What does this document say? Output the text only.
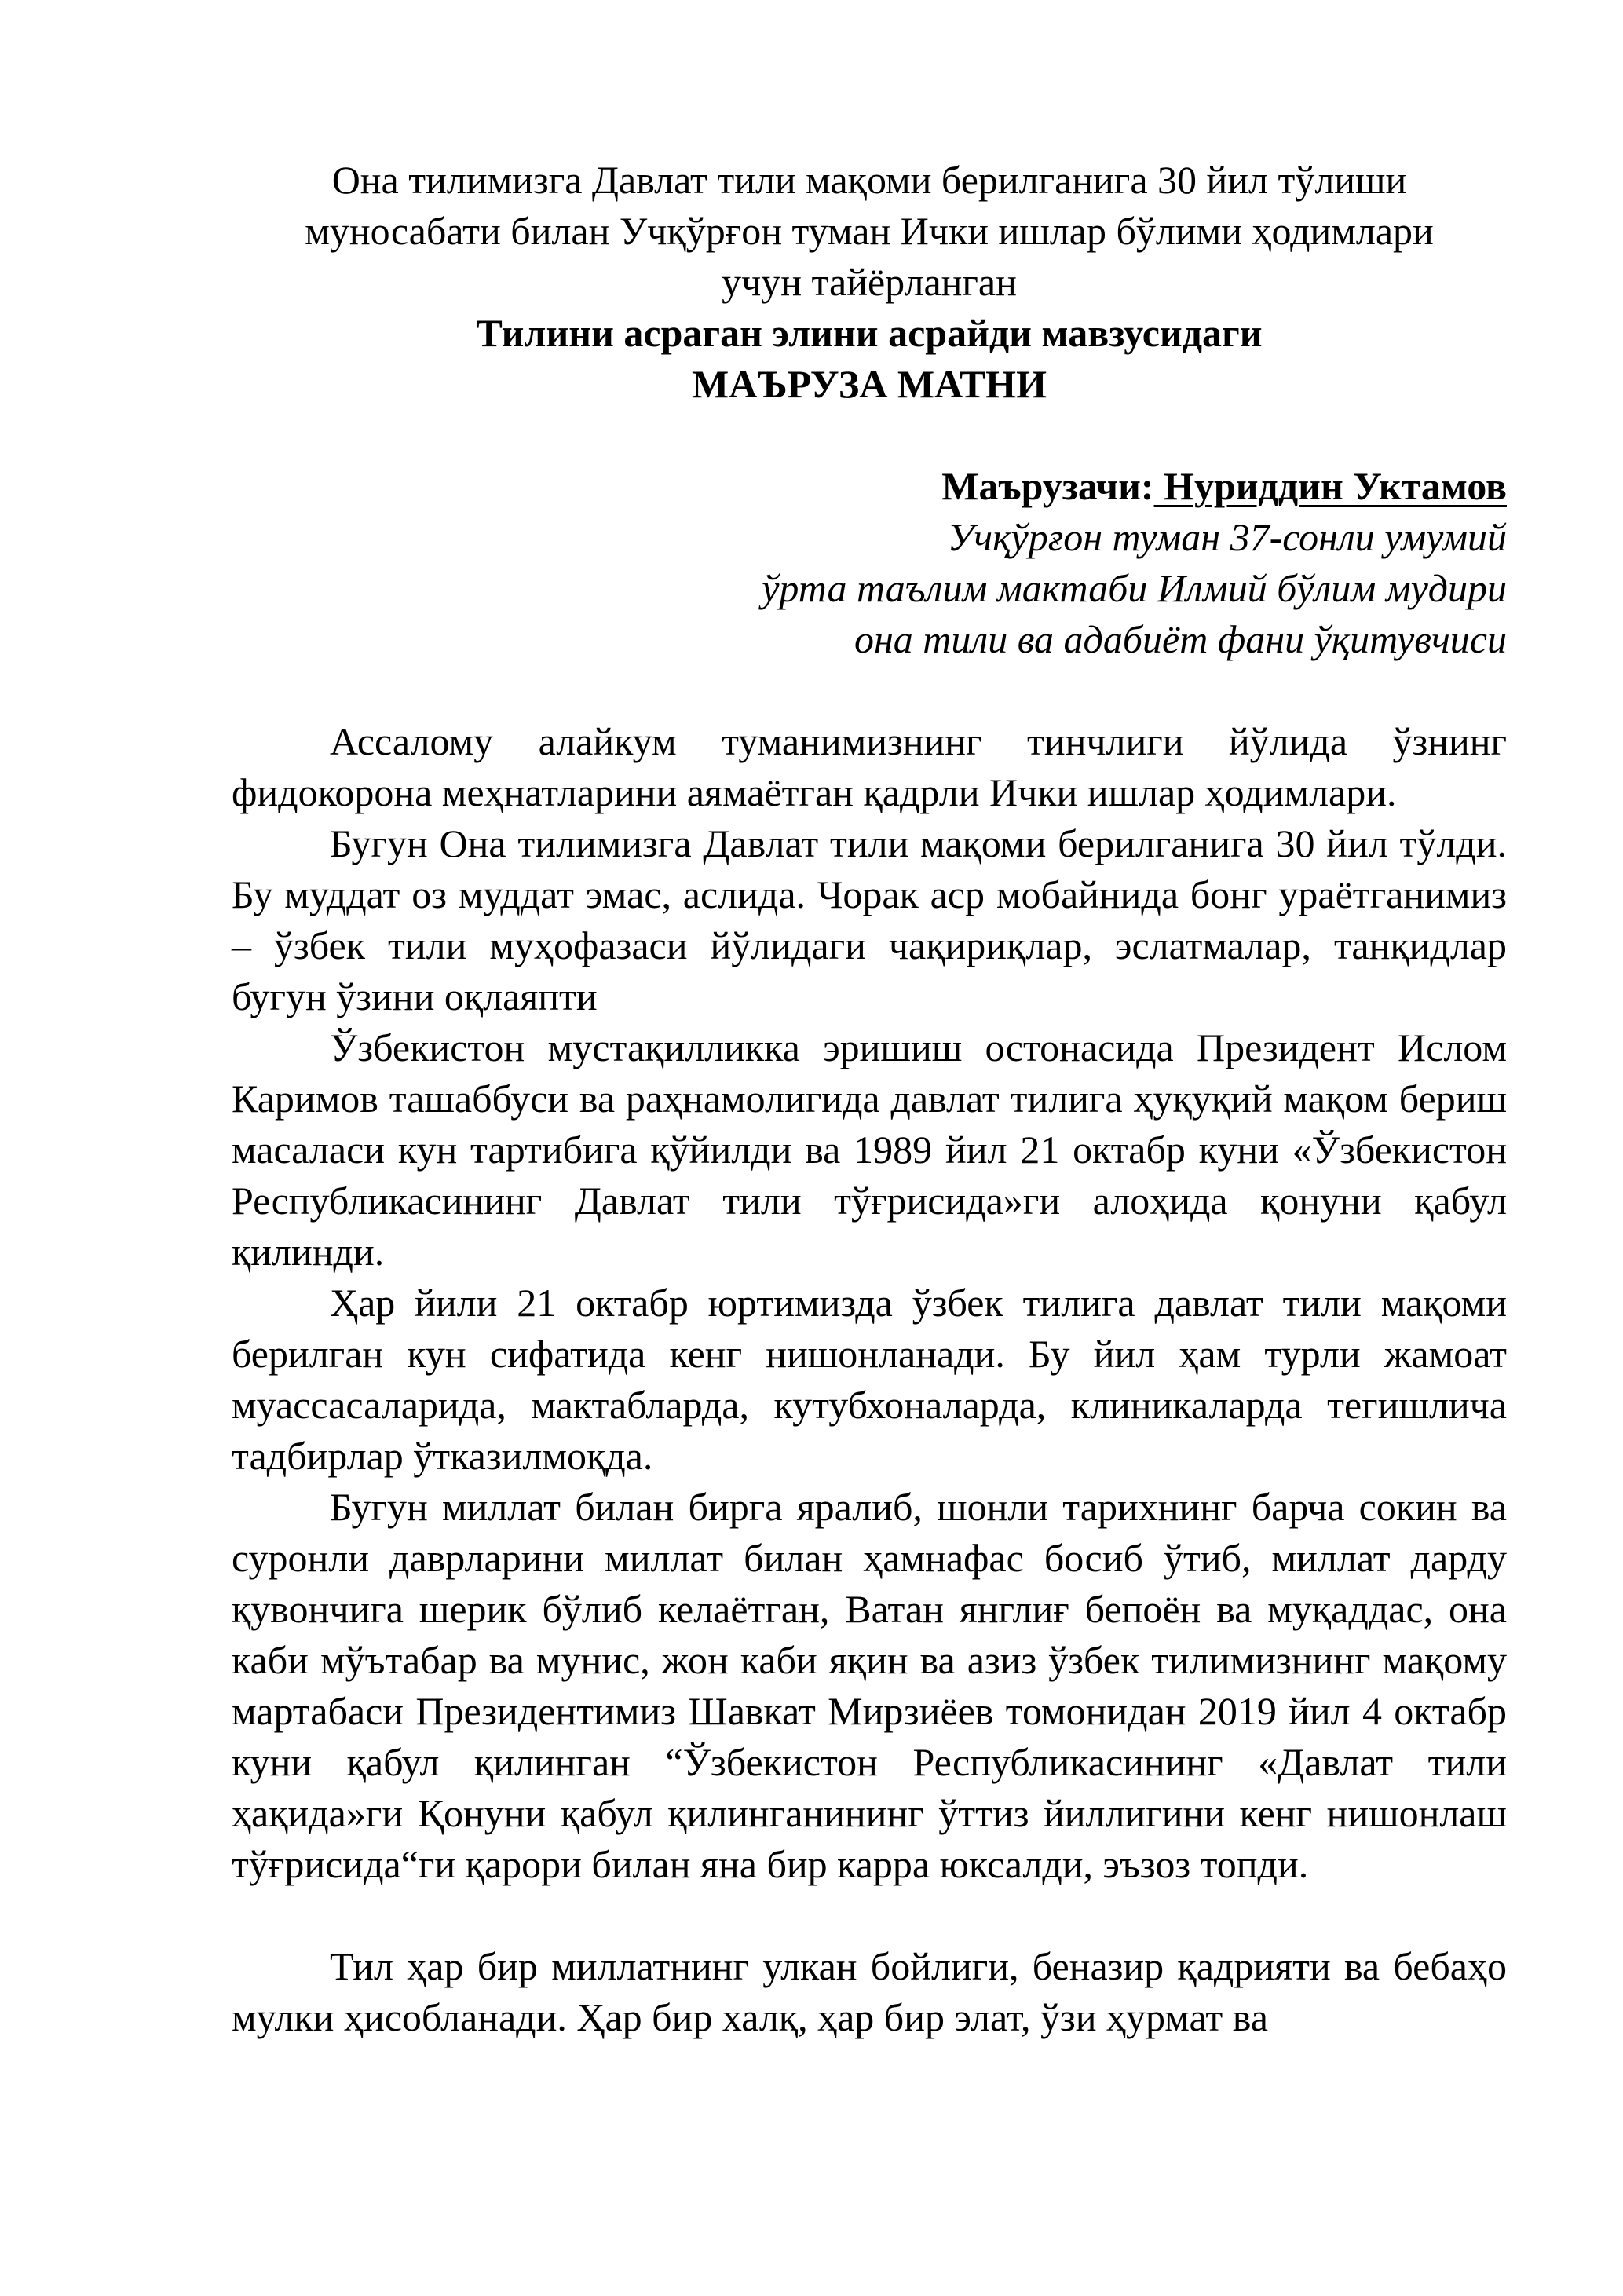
Она тилимизга Давлат тили мақоми берилганига 30 йил тўлиши
муносабати билан Учқўрғон туман Ички ишлар бўлими ҳодимлари
учун тайёрланган
Тилини асраган элини асрайди мавзусидаги
МАЪРУЗА МАТНИ
Маърузачи: Нуриддин Уктамов
Учқўрғон туман 37-сонли умумий
ўрта таълим мактаби Илмий бўлим мудири
она тили ва адабиёт фани ўқитувчиси

Ассалому алайкум туманимизнинг тинчлиги йўлида ўзнинг фидокорона меҳнатларини аямаётган қадрли Ички ишлар ҳодимлари.

Бугун Она тилимизга Давлат тили мақоми берилганига 30 йил тўлди. Бу муддат оз муддат эмас, аслида. Чорак аср мобайнида бонг ураётганимиз – ўзбек тили муҳофазаси йўлидаги чақириқлар, эслатмалар, танқидлар бугун ўзини оқлаяпти

Ўзбекистон мустақилликка эришиш остонасида Президент Ислом Каримов ташаббуси ва раҳнамолигида давлат тилига ҳуқуқий мақом бериш масаласи кун тартибига қўйилди ва 1989 йил 21 октабр куни «Ўзбекистон Республикасининг Давлат тили тўғрисида»ги алоҳида қонуни қабул қилинди.

Ҳар йили 21 октабр юртимизда ўзбек тилига давлат тили мақоми берилган кун сифатида кенг нишонланади. Бу йил ҳам турли жамоат муассасаларида, мактабларда, кутубхоналарда, клиникаларда тегишлича тадбирлар ўтказилмоқда.

Бугун миллат билан бирга яралиб, шонли тарихнинг барча сокин ва суронли даврларини миллат билан ҳамнафас босиб ўтиб, миллат дарду қувончига шерик бўлиб келаётган, Ватан янглиғ бепоён ва муқаддас, она каби мўътабар ва мунис, жон каби яқин ва азиз ўзбек тилимизнинг мақому мартабаси Президентимиз Шавкат Мирзиёев томонидан 2019 йил 4 октабр куни қабул қилинган “Ўзбекистон Республикасининг «Давлат тили ҳақида»ги Қонуни қабул қилинганининг ўттиз йиллигини кенг нишонлаш тўғрисида“ги қарори билан яна бир карра юксалди, эъзоз топди.

Тил ҳар бир миллатнинг улкан бойлиги, беназир қадрияти ва бебаҳо мулки ҳисобланади. Ҳар бир халқ, ҳар бир элат, ўзи ҳурмат ва
